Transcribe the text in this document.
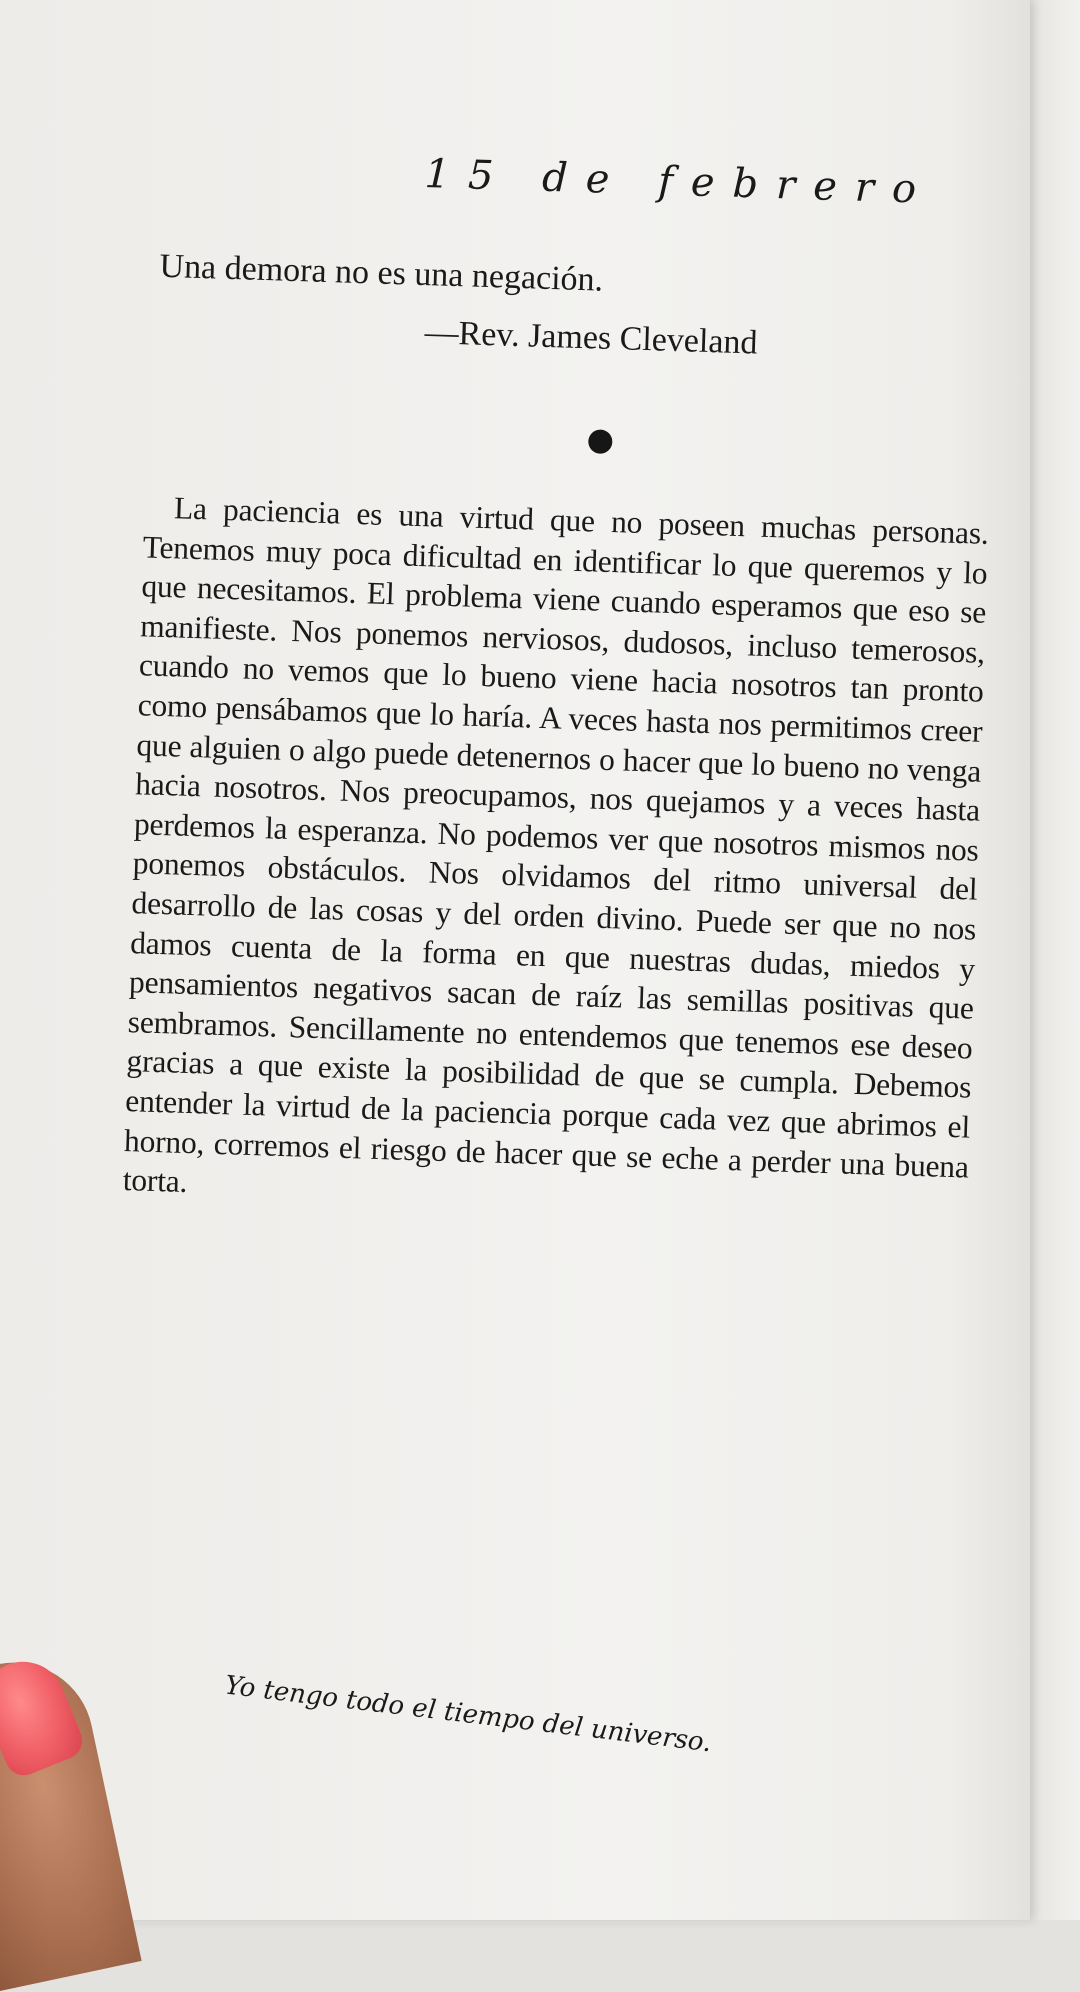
15 de febrero

Una demora no es una negación.

—Rev. James Cleveland

La paciencia es una virtud que no poseen muchas personas. Tenemos muy poca dificultad en identificar lo que queremos y lo que necesitamos. El problema viene cuando esperamos que eso se manifieste. Nos ponemos nerviosos, dudosos, incluso temerosos, cuando no vemos que lo bueno viene hacia nosotros tan pronto como pensábamos que lo haría. A veces hasta nos permitimos creer que alguien o algo puede detenernos o hacer que lo bueno no venga hacia nosotros. Nos preocupamos, nos quejamos y a veces hasta perdemos la esperanza. No podemos ver que nosotros mismos nos ponemos obstáculos. Nos olvidamos del ritmo universal del desarrollo de las cosas y del orden divino. Puede ser que no nos damos cuenta de la forma en que nuestras dudas, miedos y pensamientos negativos sacan de raíz las semillas positivas que sembramos. Sencillamente no entendemos que tenemos ese deseo gracias a que existe la posibilidad de que se cumpla. Debemos entender la virtud de la paciencia porque cada vez que abrimos el horno, corremos el riesgo de hacer que se eche a perder una buena torta.

Yo tengo todo el tiempo del universo.
